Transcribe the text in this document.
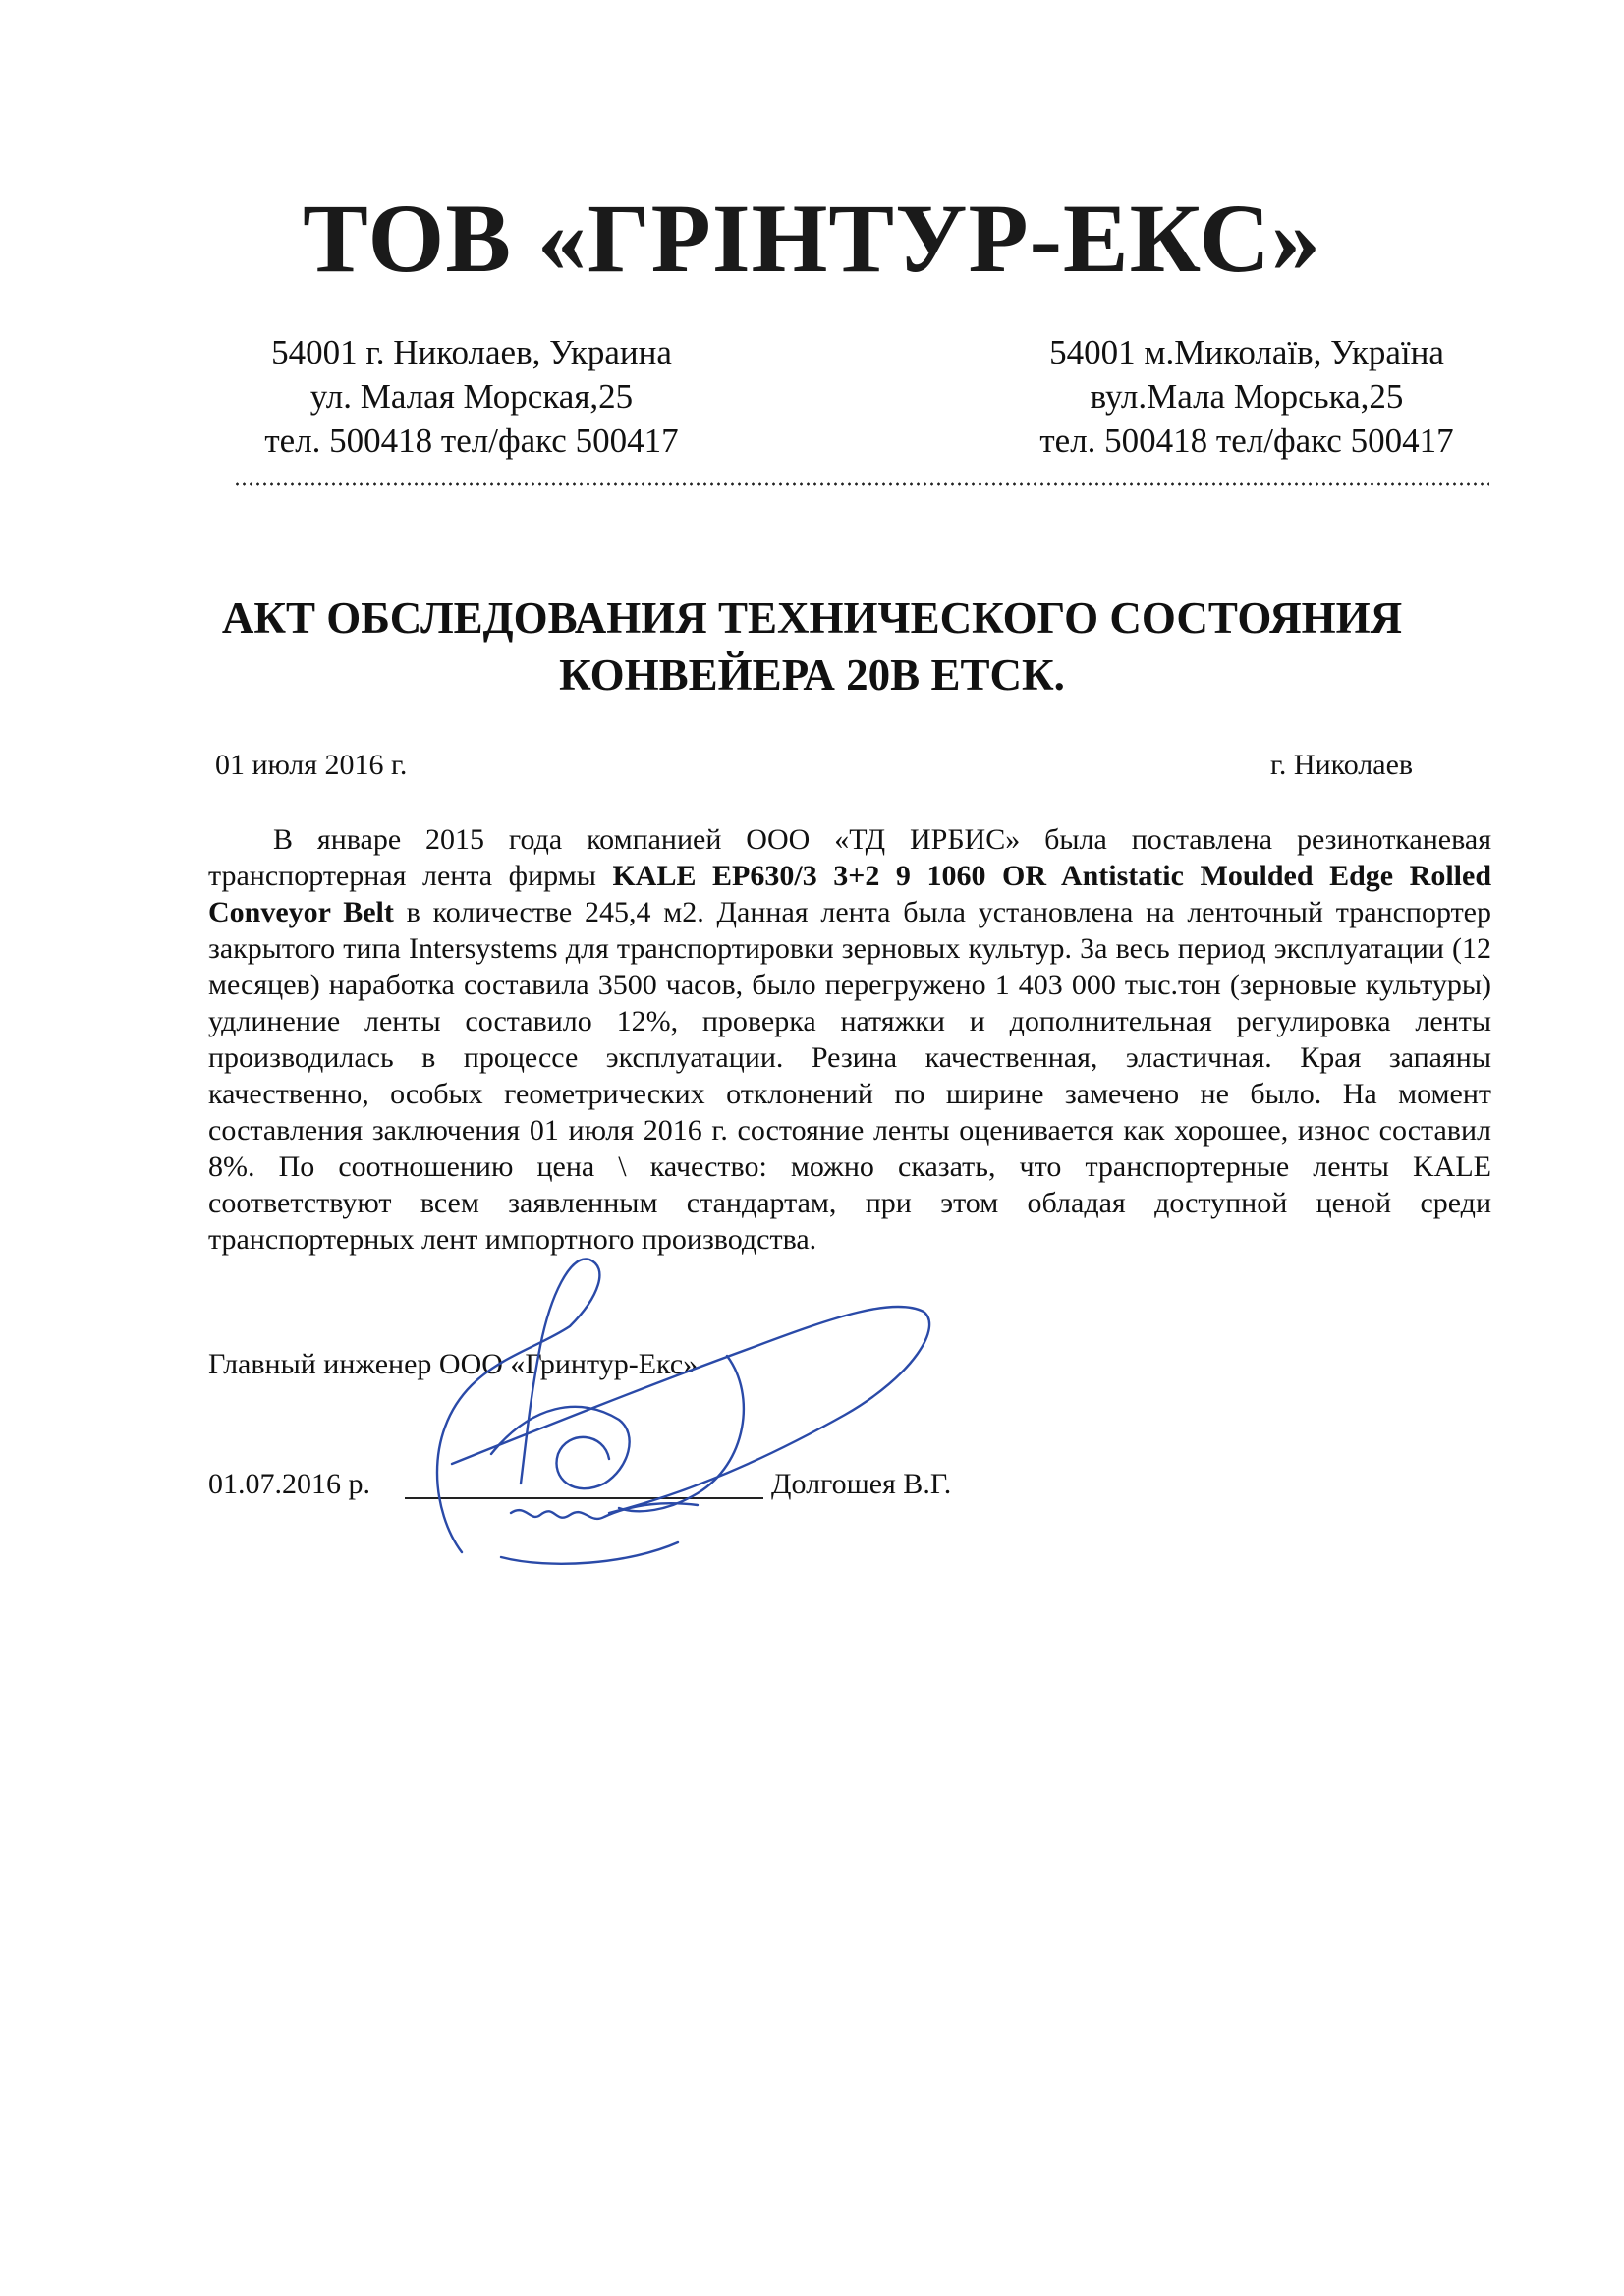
ТОВ «ГРІНТУР-ЕКС»
54001 г. Николаев, Украина
ул. Малая Морская,25
тел. 500418 тел/факс 500417
54001 м.Миколаїв, Україна
вул.Мала Морська,25
тел. 500418 тел/факс 500417
АКТ ОБСЛЕДОВАНИЯ ТЕХНИЧЕСКОГО СОСТОЯНИЯ
КОНВЕЙЕРА 20В ЕТСК.
01 июля 2016 г.	г. Николаев
В январе 2015 года компанией ООО «ТД ИРБИС» была поставлена резинотканевая транспортерная лента фирмы KALE EP630/3 3+2 9 1060 OR Antistatic Moulded Edge Rolled Conveyor Belt в количестве 245,4 м2. Данная лента была установлена на ленточный транспортер закрытого типа Intersystems для транспортировки зерновых культур. За весь период эксплуатации (12 месяцев) наработка составила 3500 часов, было перегружено 1 403 000 тыс.тон (зерновые культуры) удлинение ленты составило 12%, проверка натяжки и дополнительная регулировка ленты производилась в процессе эксплуатации. Резина качественная, эластичная. Края запаяны качественно, особых геометрических отклонений по ширине замечено не было. На момент составления заключения 01 июля 2016 г. состояние ленты оценивается как хорошее, износ составил 8%. По соотношению цена \ качество: можно сказать, что транспортерные ленты KALE соответствуют всем заявленным стандартам, при этом обладая доступной ценой среди транспортерных лент импортного производства.
Главный инженер ООО «Гринтур-Екс»
01.07.2016 р.	Долгошея В.Г.
